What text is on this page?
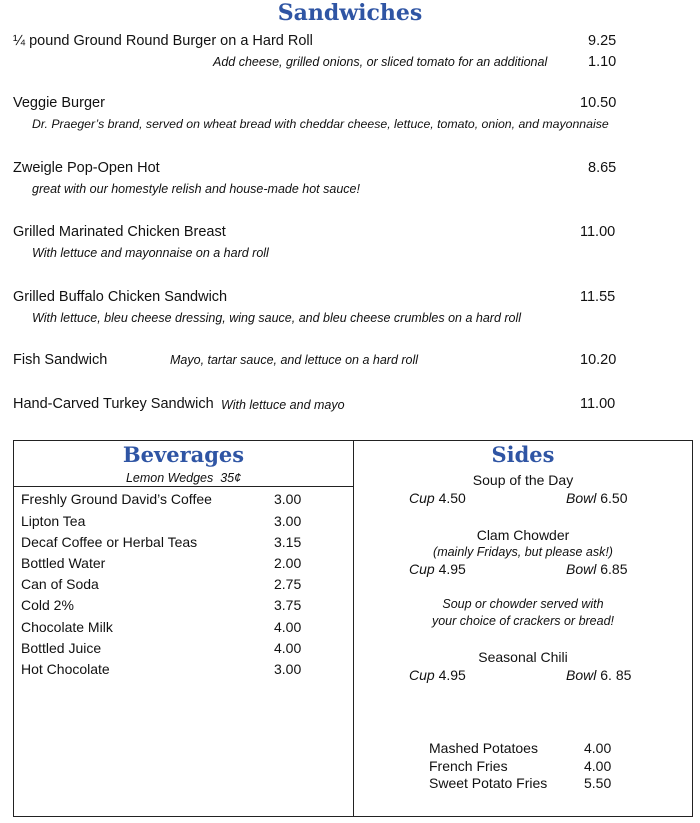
Sandwiches
¼ pound Ground Round Burger on a Hard Roll	9.25
Add cheese, grilled onions, or sliced tomato for an additional	1.10
Veggie Burger	10.50
Dr. Praeger’s brand, served on wheat bread with cheddar cheese, lettuce, tomato, onion, and mayonnaise
Zweigle Pop-Open Hot	8.65
great with our homestyle relish and house-made hot sauce!
Grilled Marinated Chicken Breast	11.00
With lettuce and mayonnaise on a hard roll
Grilled Buffalo Chicken Sandwich	11.55
With lettuce, bleu cheese dressing, wing sauce, and bleu cheese crumbles on a hard roll
Fish Sandwich	Mayo, tartar sauce, and lettuce on a hard roll	10.20
Hand-Carved Turkey Sandwich With lettuce and mayo	11.00
Beverages
Lemon Wedges  35¢
Freshly Ground David’s Coffee	3.00
Lipton Tea	3.00
Decaf Coffee or Herbal Teas	3.15
Bottled Water	2.00
Can of Soda	2.75
Cold 2%	3.75
Chocolate Milk	4.00
Bottled Juice	4.00
Hot Chocolate	3.00
Sides
Soup of the Day
Cup 4.50	Bowl 6.50
Clam Chowder
(mainly Fridays, but please ask!)
Cup 4.95	Bowl 6.85
Soup or chowder served with
your choice of crackers or bread!
Seasonal Chili
Cup 4.95	Bowl 6. 85
Mashed Potatoes	4.00
French Fries	4.00
Sweet Potato Fries	5.50
